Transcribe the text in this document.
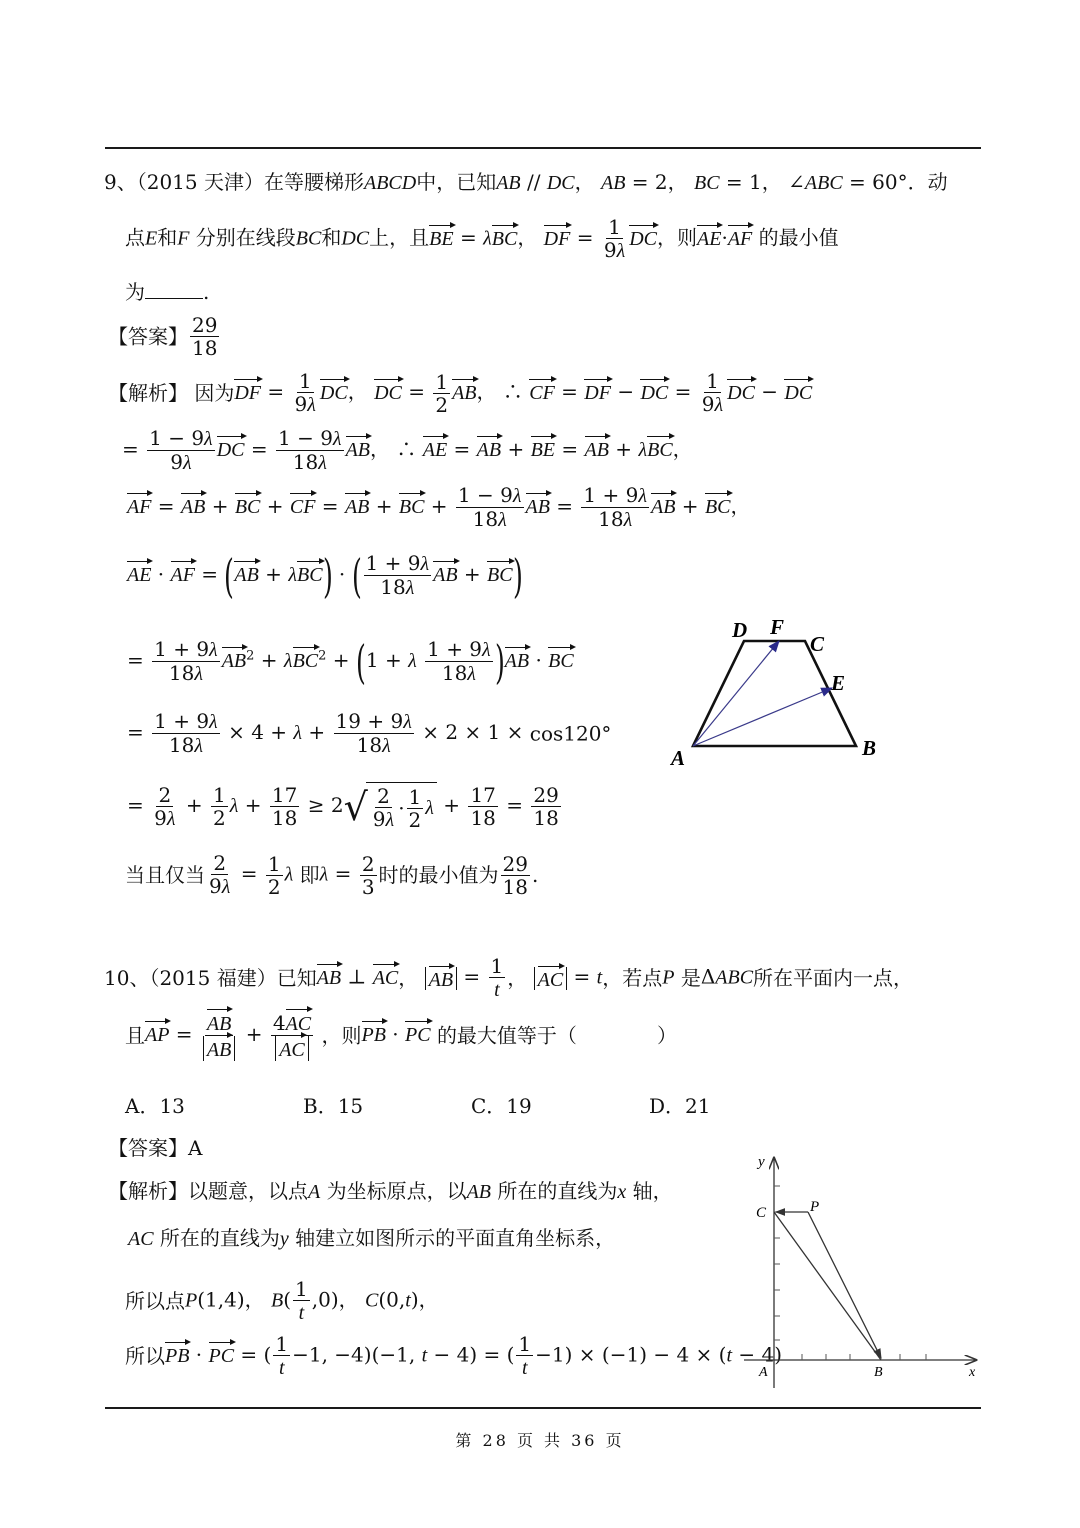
9、（2015 天津）在等腰梯形ABCD中，已知AB // DC， AB = 2， BC = 1， ∠ABC = 60°．动
点E和F 分别在线段BC和DC上，且BE = λBC， DF = $\frac{1}{9\lambda}$ DC，则AE·AF 的最小值
为	.
【答案】 $\frac{29}{18}$
【解析】 因为DF = $\frac{1}{9\lambda}$ DC， DC = $\frac{1}{2}$ AB， ∴ CF = DF − DC = $\frac{1}{9\lambda}$ DC − DC
= $\frac{1 - 9\lambda}{9\lambda}$ DC = $\frac{1 - 9\lambda}{18\lambda}$ AB， ∴ AE = AB + BE = AB + λBC，
AF = AB + BC + CF = AB + BC + $\frac{1 - 9\lambda}{18\lambda}$ AB = $\frac{1 + 9\lambda}{18\lambda}$ AB + BC，
AE · AF = (AB + λBC) · ( $\frac{1 + 9\lambda}{18\lambda}$ AB + BC)
= $\frac{1 + 9\lambda}{18\lambda} AB^2 + \lambda BC^2 + (1 + \lambda \frac{1 + 9\lambda}{18\lambda} )AB$ · BC
= $\frac{1 + 9\lambda}{18\lambda} \times 4 + \lambda + \frac{19 + 9\lambda}{18\lambda} \times 2 \times 1 \times \cos 120^\circ$
= $\frac{2}{9\lambda} + \frac{1}{2}$ $\lambda + \frac{17}{18} \ge 2$ √ $\frac{2}{9\lambda} \cdot \frac{1}{2}$ $\lambda + \frac{17}{18} = \frac{29}{18}$
当且仅当 $\frac{2}{9\lambda} = \frac{1}{2}$ λ 即$\lambda = \frac{2}{3}$ 时的最小值为 $\frac{29}{18}$ .
D F
C
E
A	B
10、（2015 福建）已知AB ⊥ AC， AB = $\frac{1}{t}$ ， AC = t，若点P 是ΔABC所在平面内一点，
且AP = $\frac{AB}{AB} + \frac{4AC}{AC}$ ，则PB · PC 的最大值等于（	）
A．13	B．15	C．19	D．21
【答案】A
【解析】以题意，以点A 为坐标原点，以AB 所在的直线为x 轴，
AC 所在的直线为y 轴建立如图所示的平面直角坐标系，
所以点P(1,4)， $B( \frac{1}{t} ,0)$， C(0,t)，
所以PB · PC = ( $\frac{1}{t} -1$, −4)(−1, t − 4) = ( $\frac{1}{t} -1) \times (-1) - 4 \times (t - 4)$
y
C	P
A	B	x
第 28 页 共 36 页
